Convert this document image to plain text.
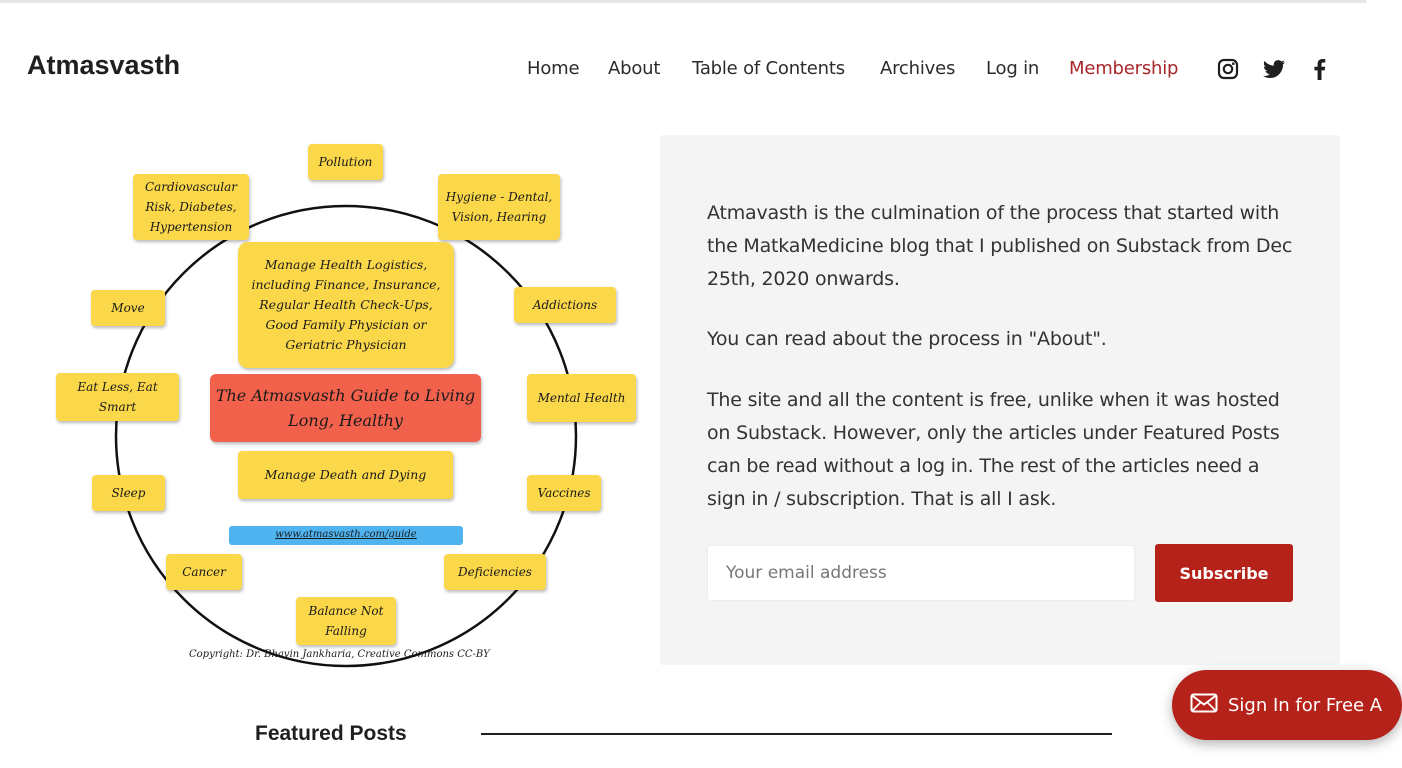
Atmasvasth	Home About Table of Contents Archives Log in Membership
Pollution
Cardiovascular Risk, Diabetes, Hypertension
Hygiene - Dental, Vision, Hearing
Move	Addictions
Eat Less, Eat Smart
Mental Health
Sleep	Vaccines
Cancer	Deficiencies
Balance Not Falling
Manage Health Logistics, including Finance, Insurance, Regular Health Check-Ups, Good Family Physician or Geriatric Physician
The Atmasvasth Guide to Living Long, Healthy
Manage Death and Dying
www.atmasvasth.com/guide
Copyright: Dr. Bhavin Jankharia, Creative Commons CC-BY

Atmavasth is the culmination of the process that started with the MatkaMedicine blog that I published on Substack from Dec 25th, 2020 onwards.

You can read about the process in "About".

The site and all the content is free, unlike when it was hosted on Substack. However, only the articles under Featured Posts can be read without a log in. The rest of the articles need a sign in / subscription. That is all I ask.

Your email address
Subscribe
Featured Posts
Sign In for Free A
